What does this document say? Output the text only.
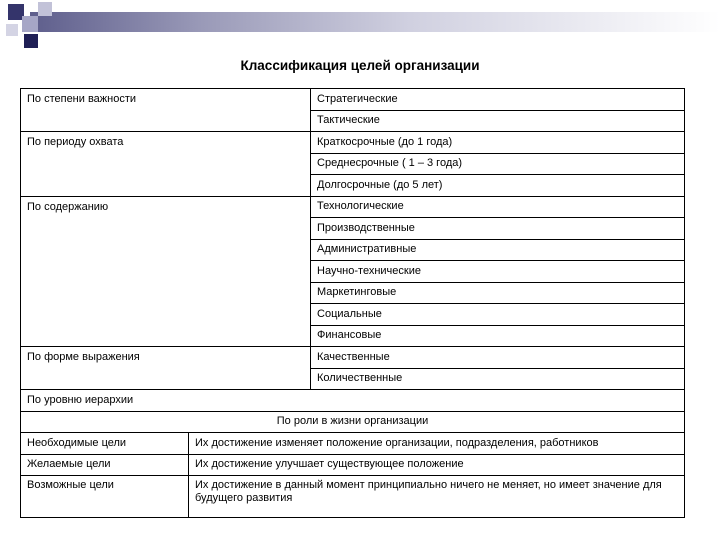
Классификация целей организации
По степени важности		Стратегические
		Тактические
По периоду охвата		Краткосрочные (до 1 года)
		Среднесрочные ( 1 – 3 года)
		Долгосрочные (до 5 лет)
По содержанию		Технологические
		Производственные
		Административные
		Научно-технические
		Маркетинговые
		Социальные
		Финансовые
По форме выражения		Качественные
		Количественные
По уровню иерархии		
По роли в жизни организации		
Необходимые цели	Их достижение изменяет положение организации, подразделения, работников	
Желаемые цели	Их достижение улучшает существующее положение	
Возможные цели	Их достижение в данный момент принципиально ничего не меняет, но имеет значение для будущего развития	
